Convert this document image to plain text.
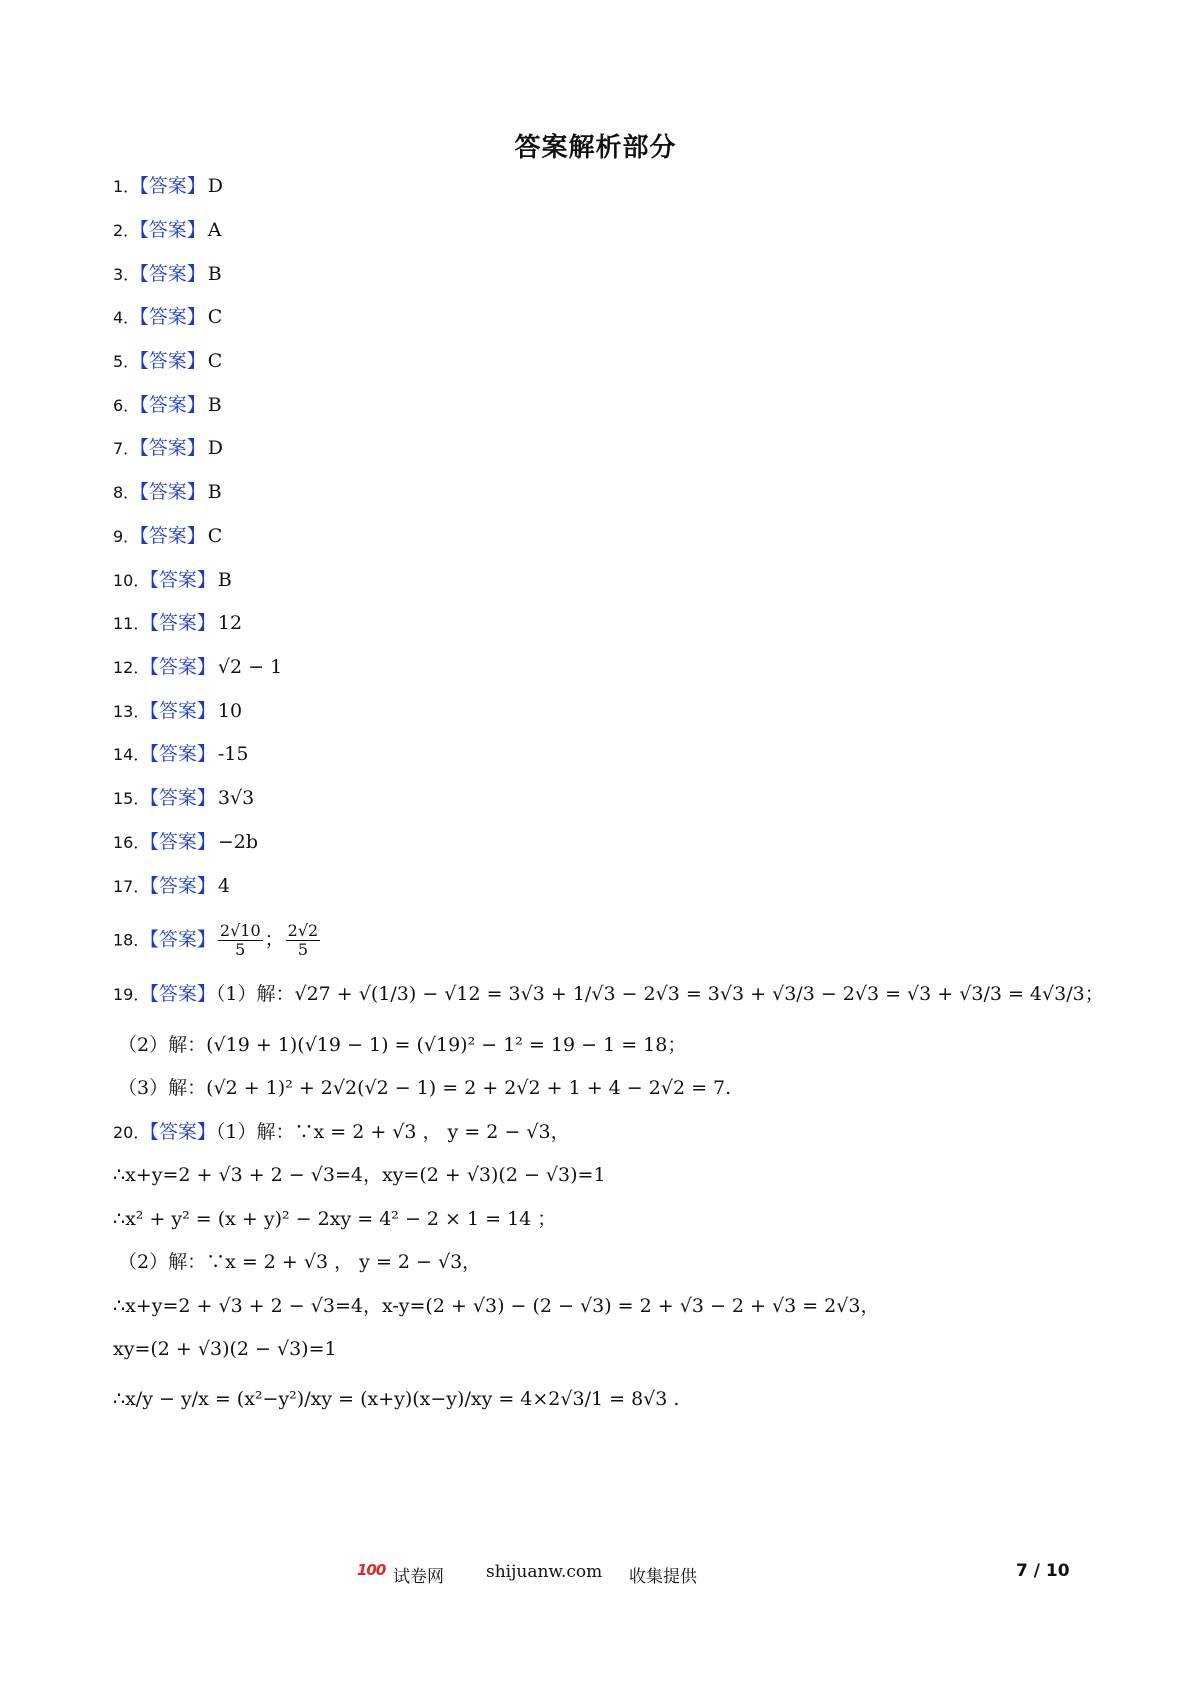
答案解析部分
1．【答案】 D
2．【答案】 A
3．【答案】 B
4．【答案】 C
5．【答案】 C
6．【答案】 B
7．【答案】 D
8．【答案】 B
9．【答案】 C
10．【答案】 B
11．【答案】 12
12．【答案】 √2 − 1
13．【答案】 10
14．【答案】 -15
15．【答案】 3√3
16．【答案】 −2b
17．【答案】 4
18．【答案】 $\frac{2√10}{5}$ ； $\frac{2√2}{5}$
19．【答案】（1）解：√27 + √(1/3) − √12 = 3√3 + 1/√3 − 2√3 = 3√3 + √3/3 − 2√3 = √3 + √3/3 = 4√3/3；
（2）解：(√19 + 1)(√19 − 1) = (√19)² − 1² = 19 − 1 = 18；
（3）解：(√2 + 1)² + 2√2(√2 − 1) = 2 + 2√2 + 1 + 4 − 2√2 = 7.
20．【答案】（1）解：∵x = 2 + √3 ， y = 2 − √3，
∴x+y=2 + √3 + 2 − √3=4，xy=(2 + √3)(2 − √3)=1
∴x² + y² = (x + y)² − 2xy = 4² − 2 × 1 = 14 ；
（2）解：∵x = 2 + √3 ， y = 2 − √3，
∴x+y=2 + √3 + 2 − √3=4，x-y=(2 + √3) − (2 − √3) = 2 + √3 − 2 + √3 = 2√3，
xy=(2 + √3)(2 − √3)=1
∴x/y − y/x = (x²−y²)/xy = (x+y)(x−y)/xy = 4×2√3/1 = 8√3 .
100 试卷网 shijuanw.com 收集提供	7 / 10
